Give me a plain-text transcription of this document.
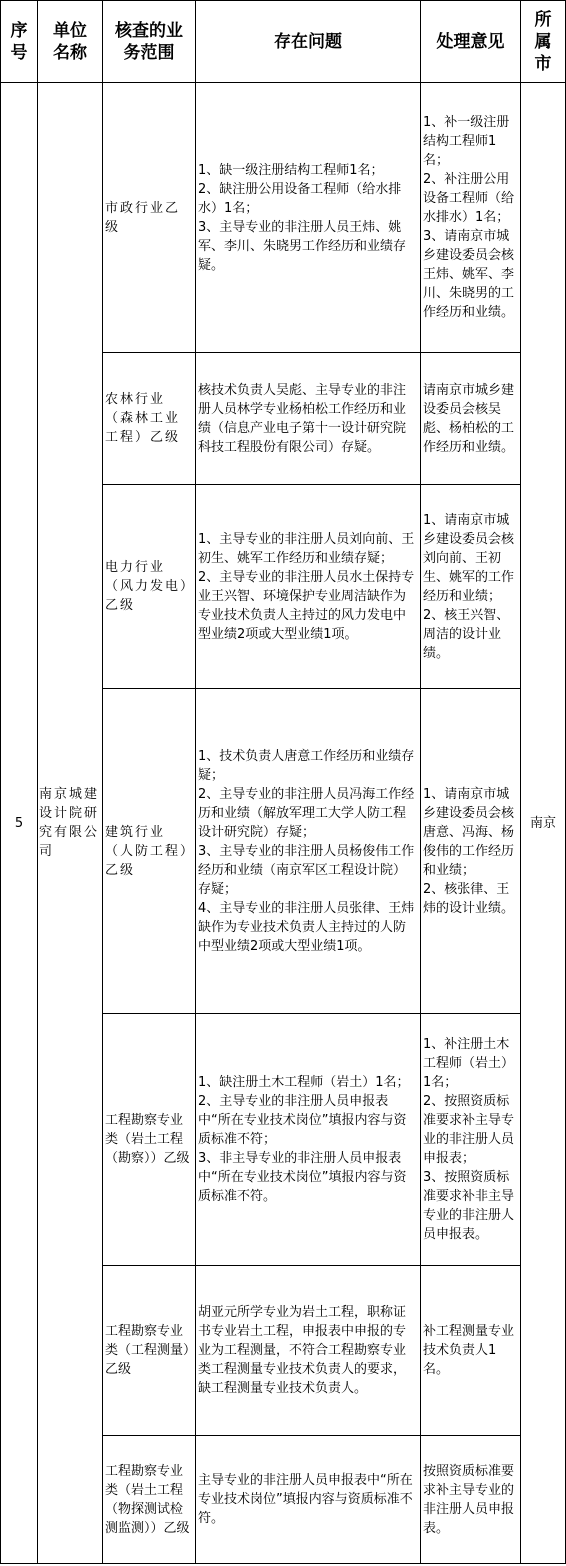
序
号	单位
名称	核查的业
务范围	存在问题	处理意见	所
属
市
5	南京城建设计院研究有限公司	市政行业乙级	1、缺一级注册结构工程师1名；
2、缺注册公用设备工程师（给水排水）1名；
3、主导专业的非注册人员王炜、姚军、李川、朱晓男工作经历和业绩存疑。	1、补一级注册结构工程师1名；
2、补注册公用设备工程师（给水排水）1名；
3、请南京市城乡建设委员会核王炜、姚军、李川、朱晓男的工作经历和业绩。	南京
		农林行业（森林工业工程）乙级	核技术负责人吴彪、主导专业的非注册人员林学专业杨柏松工作经历和业绩（信息产业电子第十一设计研究院科技工程股份有限公司）存疑。	请南京市城乡建设委员会核吴彪、杨柏松的工作经历和业绩。	
		电力行业（风力发电）乙级	1、主导专业的非注册人员刘向前、王初生、姚军工作经历和业绩存疑；
2、主导专业的非注册人员水土保持专业王兴智、环境保护专业周洁缺作为专业技术负责人主持过的风力发电中型业绩2项或大型业绩1项。	1、请南京市城乡建设委员会核刘向前、王初生、姚军的工作经历和业绩；
2、核王兴智、周洁的设计业绩。	
		建筑行业（人防工程）乙级	1、技术负责人唐意工作经历和业绩存疑；
2、主导专业的非注册人员冯海工作经历和业绩（解放军理工大学人防工程设计研究院）存疑；
3、主导专业的非注册人员杨俊伟工作经历和业绩（南京军区工程设计院）存疑；
4、主导专业的非注册人员张律、王炜缺作为专业技术负责人主持过的人防中型业绩2项或大型业绩1项。	1、请南京市城乡建设委员会核唐意、冯海、杨俊伟的工作经历和业绩；
2、核张律、王炜的设计业绩。	
		工程勘察专业类（岩土工程（勘察））乙级	1、缺注册土木工程师（岩土）1名；
2、主导专业的非注册人员申报表中“所在专业技术岗位”填报内容与资质标准不符；
3、非主导专业的非注册人员申报表中“所在专业技术岗位”填报内容与资质标准不符。	1、补注册土木工程师（岩土）1名；
2、按照资质标准要求补主导专业的非注册人员申报表；
3、按照资质标准要求补非主导专业的非注册人员申报表。	
		工程勘察专业类（工程测量）乙级	胡亚元所学专业为岩土工程，职称证书专业岩土工程，申报表中申报的专业为工程测量，不符合工程勘察专业类工程测量专业技术负责人的要求，缺工程测量专业技术负责人。	补工程测量专业技术负责人1名。	
		工程勘察专业类（岩土工程（物探测试检测监测））乙级	主导专业的非注册人员申报表中“所在专业技术岗位”填报内容与资质标准不符。	按照资质标准要求补主导专业的非注册人员申报表。	
